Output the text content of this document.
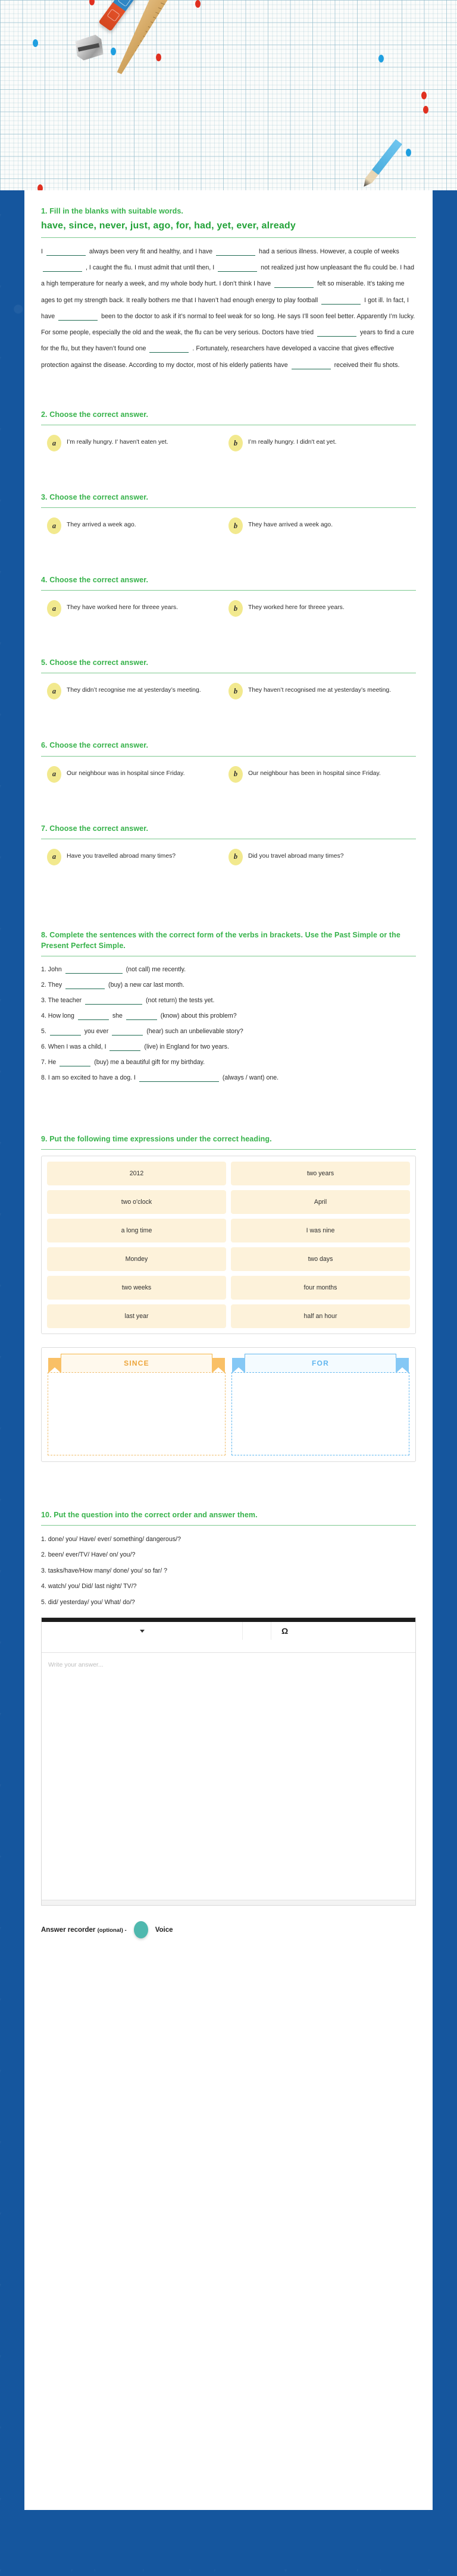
1. Fill in the blanks with suitable words.
have, since, never, just, ago, for, had, yet, ever, already
I	always been very fit and healthy, and I have	had a serious illness. However, a couple of weeks  , I caught the flu. I must admit that until then, I	not realized just how unpleasant the flu could be. I had a high temperature for nearly a week, and my whole body hurt. I don’t think I have	felt so miserable. It’s taking me ages to get my strength back. It really bothers me that I haven’t had enough energy to play football	I got ill. In fact, I have	been to the doctor to ask if it’s normal to feel weak for so long. He says I’ll soon feel better. Apparently I’m lucky. For some people, especially the old and the weak, the flu can be very serious. Doctors have tried	years to find a cure for the flu, but they haven’t found one	. Fortunately, researchers have developed a vaccine that gives effective protection against the disease. According to my doctor, most of his elderly patients have	received their flu shots.
2. Choose the correct answer.
a	I’m really hungry. I' haven't eaten yet.	b	I’m really hungry. I didn't eat yet.
3. Choose the correct answer.
a	They arrived a week ago.	b	They have arrived a week ago.
4. Choose the correct answer.
a	They have worked here for threee years.	b	They worked here for threee years.
5. Choose the correct answer.
a	They didn’t recognise me at yesterday’s meeting.	b	They haven’t recognised me at yesterday’s meeting.
6. Choose the correct answer.
a	Our neighbour was in hospital since Friday.	b	Our neighbour has been in hospital since Friday.
7. Choose the correct answer.
a	Have you travelled abroad many times?	b	Did you travel abroad many times?
8. Complete the sentences with the correct form of the verbs in brackets. Use the Past Simple or the Present Perfect Simple.
1. John	(not call) me recently.
2. They	(buy) a new car last month.
3. The teacher	(not return) the tests yet.
4. How long	she	(know) about this problem?
5.	you ever	(hear) such an unbelievable story?
6. When I was a child, I	(live) in England for two years.
7. He	(buy) me a beautiful gift for my birthday.
8. I am so excited to have a dog. I	(always / want) one.
9. Put the following time expressions under the correct heading.
2012	two years
two o'clock	April
a long time	I was nine
Mondey	two days
two weeks	four months
last year	half an hour
SINCE	FOR
10. Put the question into the correct order and answer them.
1. done/ you/ Have/ ever/ something/ dangerous/?
2. been/ ever/TV/ Have/ on/ you/?
3. tasks/have/How many/ done/ you/ so far/ ?
4. watch/ you/ Did/ last night/ TV/?
5. did/ yesterday/ you/ What/ do/?
Ω
Write your answer...
Answer recorder (optional) -	Voice
